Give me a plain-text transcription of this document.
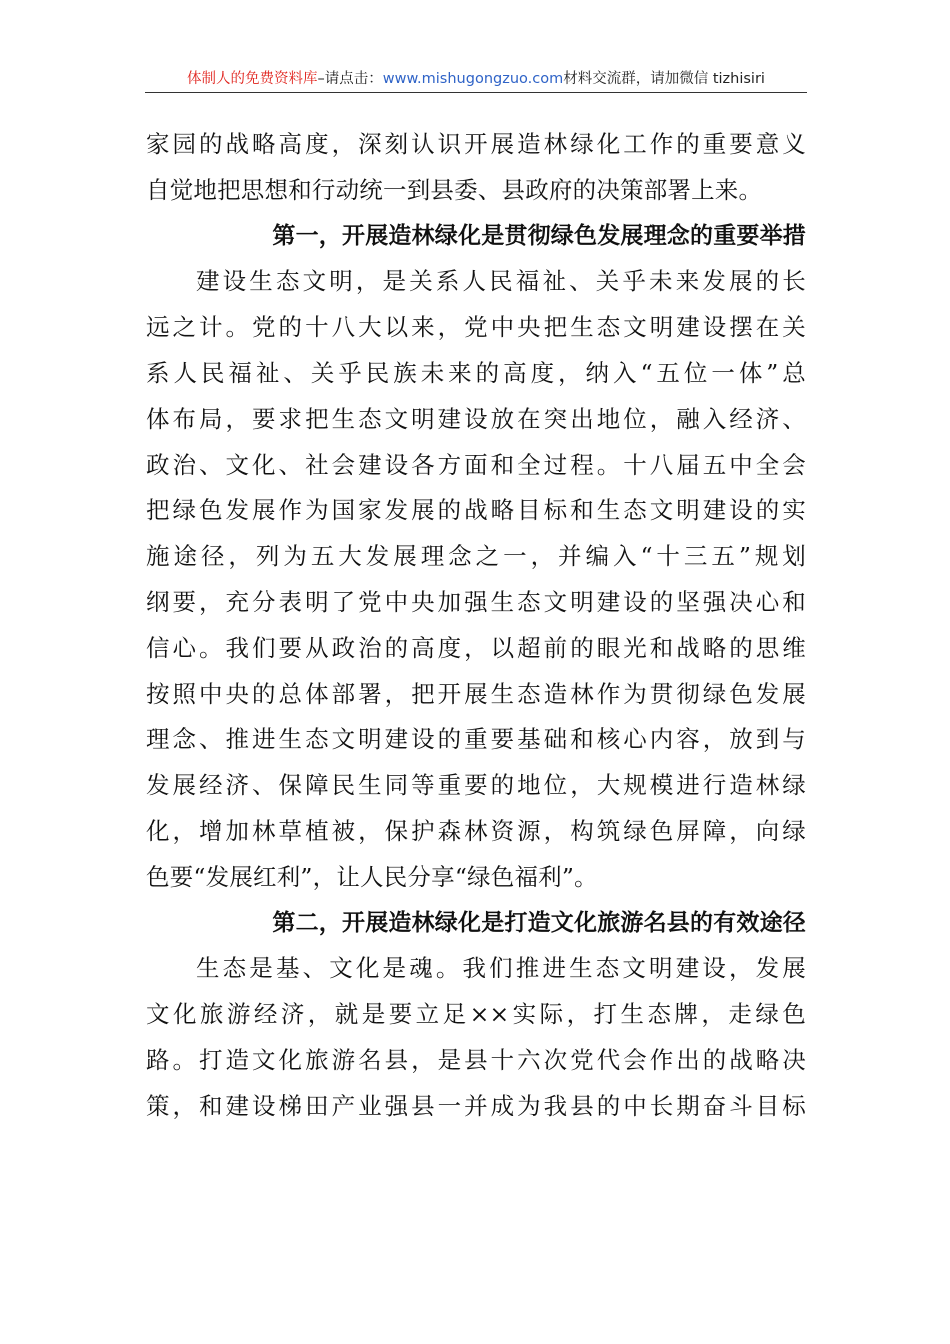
体制人的免费资料库–请点击：www.mishugongzuo.com材料交流群，请加微信 tizhisiri
家园的战略高度，深刻认识开展造林绿化工作的重要意义
自觉地把思想和行动统一到县委、县政府的决策部署上来。
第一，开展造林绿化是贯彻绿色发展理念的重要举措
建设生态文明，是关系人民福祉、关乎未来发展的长
远之计。党的十八大以来，党中央把生态文明建设摆在关
系人民福祉、关乎民族未来的高度，纳入“五位一体”总
体布局，要求把生态文明建设放在突出地位，融入经济、
政治、文化、社会建设各方面和全过程。十八届五中全会
把绿色发展作为国家发展的战略目标和生态文明建设的实
施途径，列为五大发展理念之一，并编入“十三五”规划
纲要，充分表明了党中央加强生态文明建设的坚强决心和
信心。我们要从政治的高度，以超前的眼光和战略的思维
按照中央的总体部署，把开展生态造林作为贯彻绿色发展
理念、推进生态文明建设的重要基础和核心内容，放到与
发展经济、保障民生同等重要的地位，大规模进行造林绿
化，增加林草植被，保护森林资源，构筑绿色屏障，向绿
色要“发展红利”，让人民分享“绿色福利”。
第二，开展造林绿化是打造文化旅游名县的有效途径
生态是基、文化是魂。我们推进生态文明建设，发展
文化旅游经济，就是要立足××实际，打生态牌，走绿色
路。打造文化旅游名县，是县十六次党代会作出的战略决
策，和建设梯田产业强县一并成为我县的中长期奋斗目标
